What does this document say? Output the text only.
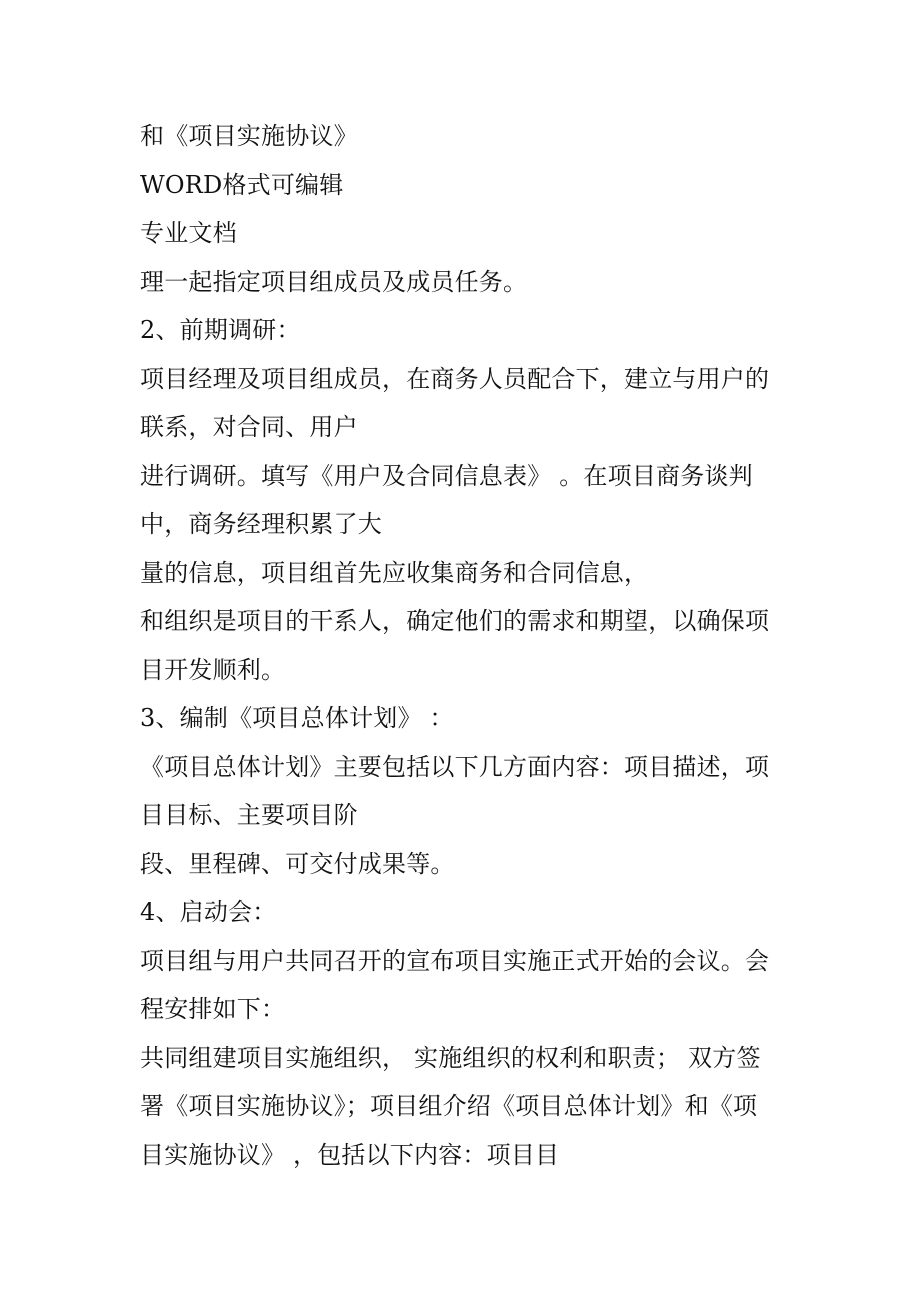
和《项目实施协议》
WORD格式可编辑
专业文档
理一起指定项目组成员及成员任务。
2、前期调研：
项目经理及项目组成员，在商务人员配合下，建立与用户的
联系，对合同、用户
进行调研。填写《用户及合同信息表》 。在项目商务谈判
中，商务经理积累了大
量的信息，项目组首先应收集商务和合同信息，
和组织是项目的干系人，确定他们的需求和期望，以确保项
目开发顺利。
3、编制《项目总体计划》 ：
《项目总体计划》主要包括以下几方面内容：项目描述，项
目目标、主要项目阶
段、里程碑、可交付成果等。
4、启动会：
项目组与用户共同召开的宣布项目实施正式开始的会议。会
程安排如下：
共同组建项目实施组织， 实施组织的权利和职责； 双方签
署《项目实施协议》；项目组介绍《项目总体计划》和《项
目实施协议》 ，包括以下内容：项目目
